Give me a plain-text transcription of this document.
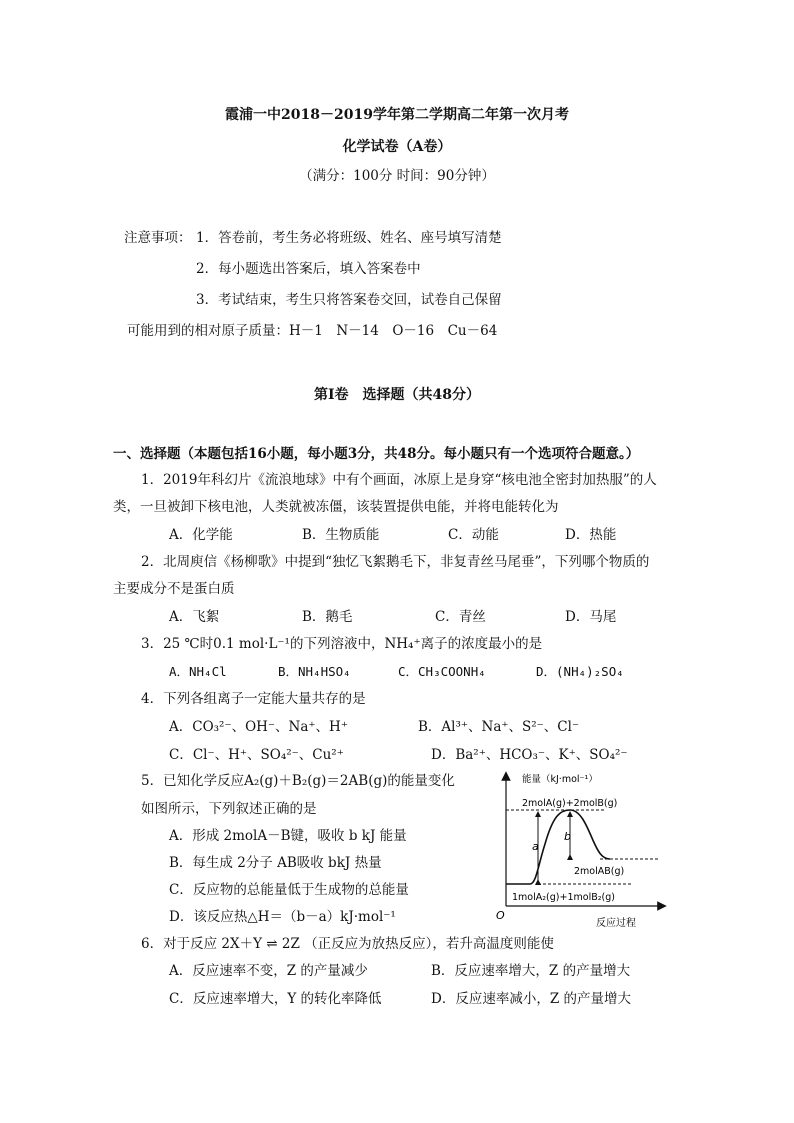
霞浦一中2018－2019学年第二学期高二年第一次月考
化学试卷（A卷）
（满分：100分 时间：90分钟）
注意事项： 1．答卷前，考生务必将班级、姓名、座号填写清楚
2．每小题选出答案后，填入答案卷中
3．考试结束，考生只将答案卷交回，试卷自己保留
可能用到的相对原子质量：H－1　N－14　O－16　Cu－64
第Ⅰ卷　选择题（共48分）
一、选择题（本题包括16小题，每小题3分，共48分。每小题只有一个选项符合题意。）
1．2019年科幻片《流浪地球》中有个画面，冰原上是身穿“核电池全密封加热服”的人
类，一旦被卸下核电池，人类就被冻僵，该装置提供电能，并将电能转化为
A．化学能	B．生物质能	C．动能	D．热能
2．北周庾信《杨柳歌》中提到“独忆飞絮鹅毛下，非复青丝马尾垂”，下列哪个物质的
主要成分不是蛋白质
A．飞絮	B．鹅毛	C．青丝	D．马尾
3．25 ℃时0.1 mol·L⁻¹的下列溶液中，NH₄⁺离子的浓度最小的是
A．NH₄Cl	B．NH₄HSO₄	C．CH₃COONH₄	D．(NH₄)₂SO₄
4．下列各组离子一定能大量共存的是
A．CO₃²⁻、OH⁻、Na⁺、H⁺	B．Al³⁺、Na⁺、S²⁻、Cl⁻
C．Cl⁻、H⁺、SO₄²⁻、Cu²⁺	D．Ba²⁺、HCO₃⁻、K⁺、SO₄²⁻
5．已知化学反应A₂(g)＋B₂(g)＝2AB(g)的能量变化
如图所示，下列叙述正确的是
A．形成 2molA－B键，吸收 b kJ 能量
B．每生成 2分子 AB吸收 bkJ 热量
C．反应物的总能量低于生成物的总能量
D．该反应热△H＝（b－a）kJ·mol⁻¹
a
b
能量（kJ·mol⁻¹）
2molA(g)+2molB(g)
2molAB(g)
1molA₂(g)+1molB₂(g)
O
反应过程
6．对于反应 2X＋Y ⇌ 2Z （正反应为放热反应），若升高温度则能使
A．反应速率不变，Z 的产量减少	B．反应速率增大，Z 的产量增大
C．反应速率增大，Y 的转化率降低	D．反应速率减小，Z 的产量增大
